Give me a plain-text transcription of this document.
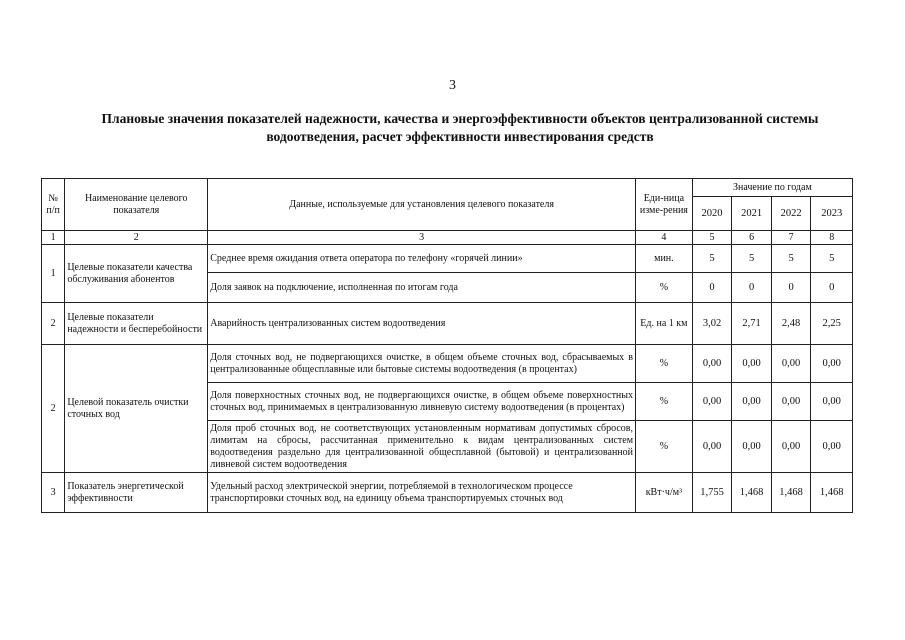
3
Плановые значения показателей надежности, качества и энергоэффективности объектов централизованной системы
водоотведения, расчет эффективности инвестирования средств
№ п/п	Наименование целевого показателя	Данные, используемые для установления целевого показателя	Еди-ница изме-рения	Значение по годам			
				2020	2021	2022	2023
1	2	3	4	5	6	7	8
1	Целевые показатели качества обслуживания абонентов	Среднее время ожидания ответа оператора по телефону «горячей линии»	мин.	5	5	5	5
		Доля заявок на подключение, исполненная по итогам года	%	0	0	0	0
2	Целевые показатели надежности и бесперебойности	Аварийность централизованных систем водоотведения	Ед. на 1 км	3,02	2,71	2,48	2,25
2	Целевой показатель очистки сточных вод	Доля сточных вод, не подвергающихся очистке, в общем объеме сточных вод, сбрасываемых в централизованные общесплавные или бытовые системы водоотведения (в процентах)	%	0,00	0,00	0,00	0,00
		Доля поверхностных сточных вод, не подвергающихся очистке, в общем объеме поверхностных сточных вод, принимаемых в централизованную ливневую систему водоотведения (в процентах)	%	0,00	0,00	0,00	0,00
		Доля проб сточных вод, не соответствующих установленным нормативам допустимых сбросов, лимитам на сбросы, рассчитанная применительно к видам централизованных систем водоотведения раздельно для централизованной общесплавной (бытовой) и централизованной ливневой систем водоотведения	%	0,00	0,00	0,00	0,00
3	Показатель энергетической эффективности	Удельный расход электрической энергии, потребляемой в технологическом процессе транспортировки сточных вод, на единицу объема транспортируемых сточных вод	кВт·ч/м³	1,755	1,468	1,468	1,468
